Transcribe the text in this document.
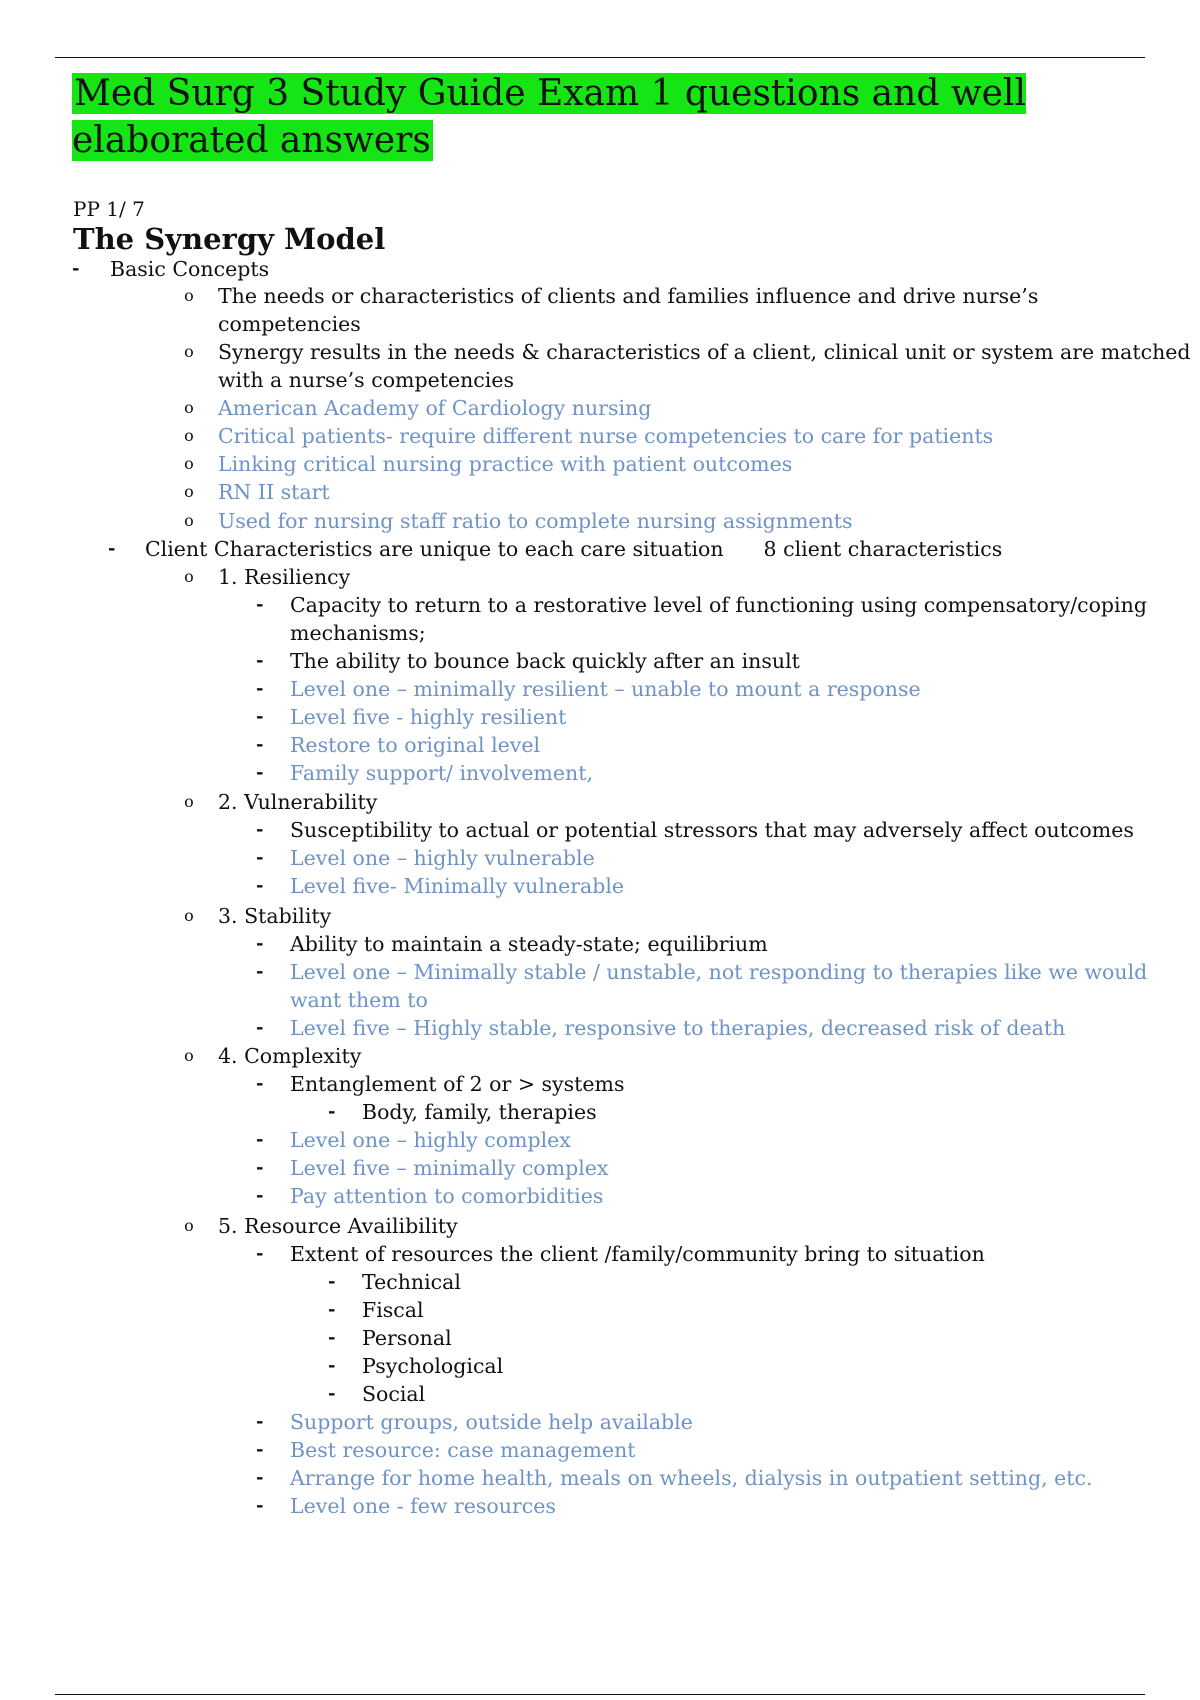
Med Surg 3 Study Guide Exam 1 questions and well elaborated answers
PP 1/ 7
The Synergy Model
- Basic Concepts
o The needs or characteristics of clients and families influence and drive nurse’s
competencies
o Synergy results in the needs & characteristics of a client, clinical unit or system are matched
with a nurse’s competencies
o American Academy of Cardiology nursing
o Critical patients- require different nurse competencies to care for patients
o Linking critical nursing practice with patient outcomes
o RN II start
o Used for nursing staff ratio to complete nursing assignments
- Client Characteristics are unique to each care situation 8 client characteristics
o 1. Resiliency
- Capacity to return to a restorative level of functioning using compensatory/coping
mechanisms;
- The ability to bounce back quickly after an insult
- Level one – minimally resilient – unable to mount a response
- Level five - highly resilient
- Restore to original level
- Family support/ involvement,
o 2. Vulnerability
- Susceptibility to actual or potential stressors that may adversely affect outcomes
- Level one – highly vulnerable
- Level five- Minimally vulnerable
o 3. Stability
- Ability to maintain a steady-state; equilibrium
- Level one – Minimally stable / unstable, not responding to therapies like we would
want them to
- Level five – Highly stable, responsive to therapies, decreased risk of death
o 4. Complexity
- Entanglement of 2 or > systems
- Body, family, therapies
- Level one – highly complex
- Level five – minimally complex
- Pay attention to comorbidities
o 5. Resource Availibility
- Extent of resources the client /family/community bring to situation
- Technical
- Fiscal
- Personal
- Psychological
- Social
- Support groups, outside help available
- Best resource: case management
- Arrange for home health, meals on wheels, dialysis in outpatient setting, etc.
- Level one - few resources
